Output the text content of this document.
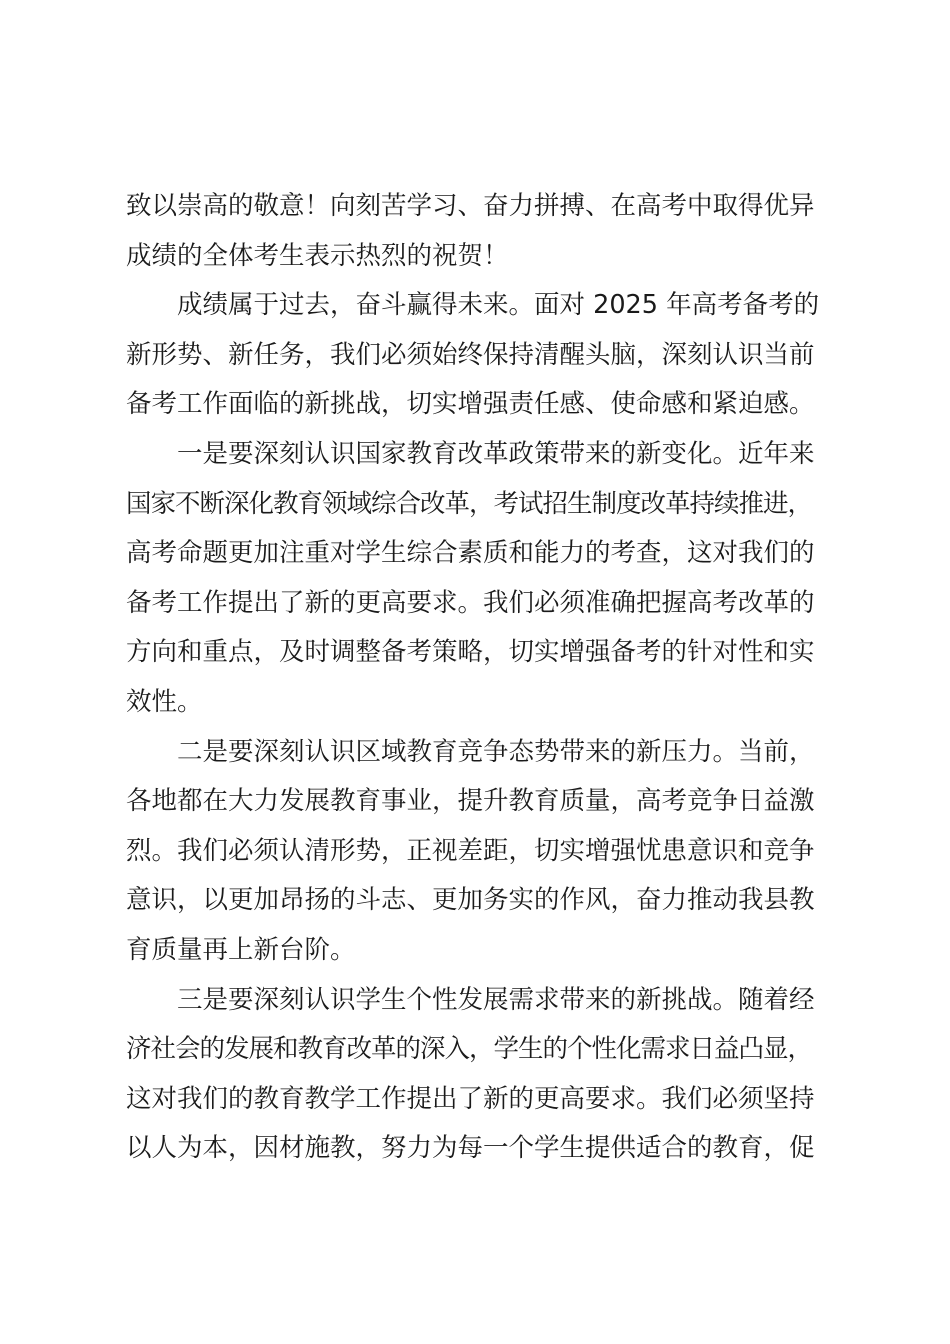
致以崇高的敬意！向刻苦学习、奋力拼搏、在高考中取得优异
成绩的全体考生表示热烈的祝贺！
成绩属于过去，奋斗赢得未来。面对 2025 年高考备考的
新形势、新任务，我们必须始终保持清醒头脑，深刻认识当前
备考工作面临的新挑战，切实增强责任感、使命感和紧迫感。
一是要深刻认识国家教育改革政策带来的新变化。近年来
国家不断深化教育领域综合改革，考试招生制度改革持续推进，
高考命题更加注重对学生综合素质和能力的考查，这对我们的
备考工作提出了新的更高要求。我们必须准确把握高考改革的
方向和重点，及时调整备考策略，切实增强备考的针对性和实
效性。
二是要深刻认识区域教育竞争态势带来的新压力。当前，
各地都在大力发展教育事业，提升教育质量，高考竞争日益激
烈。我们必须认清形势，正视差距，切实增强忧患意识和竞争
意识，以更加昂扬的斗志、更加务实的作风，奋力推动我县教
育质量再上新台阶。
三是要深刻认识学生个性发展需求带来的新挑战。随着经
济社会的发展和教育改革的深入，学生的个性化需求日益凸显，
这对我们的教育教学工作提出了新的更高要求。我们必须坚持
以人为本，因材施教，努力为每一个学生提供适合的教育，促
